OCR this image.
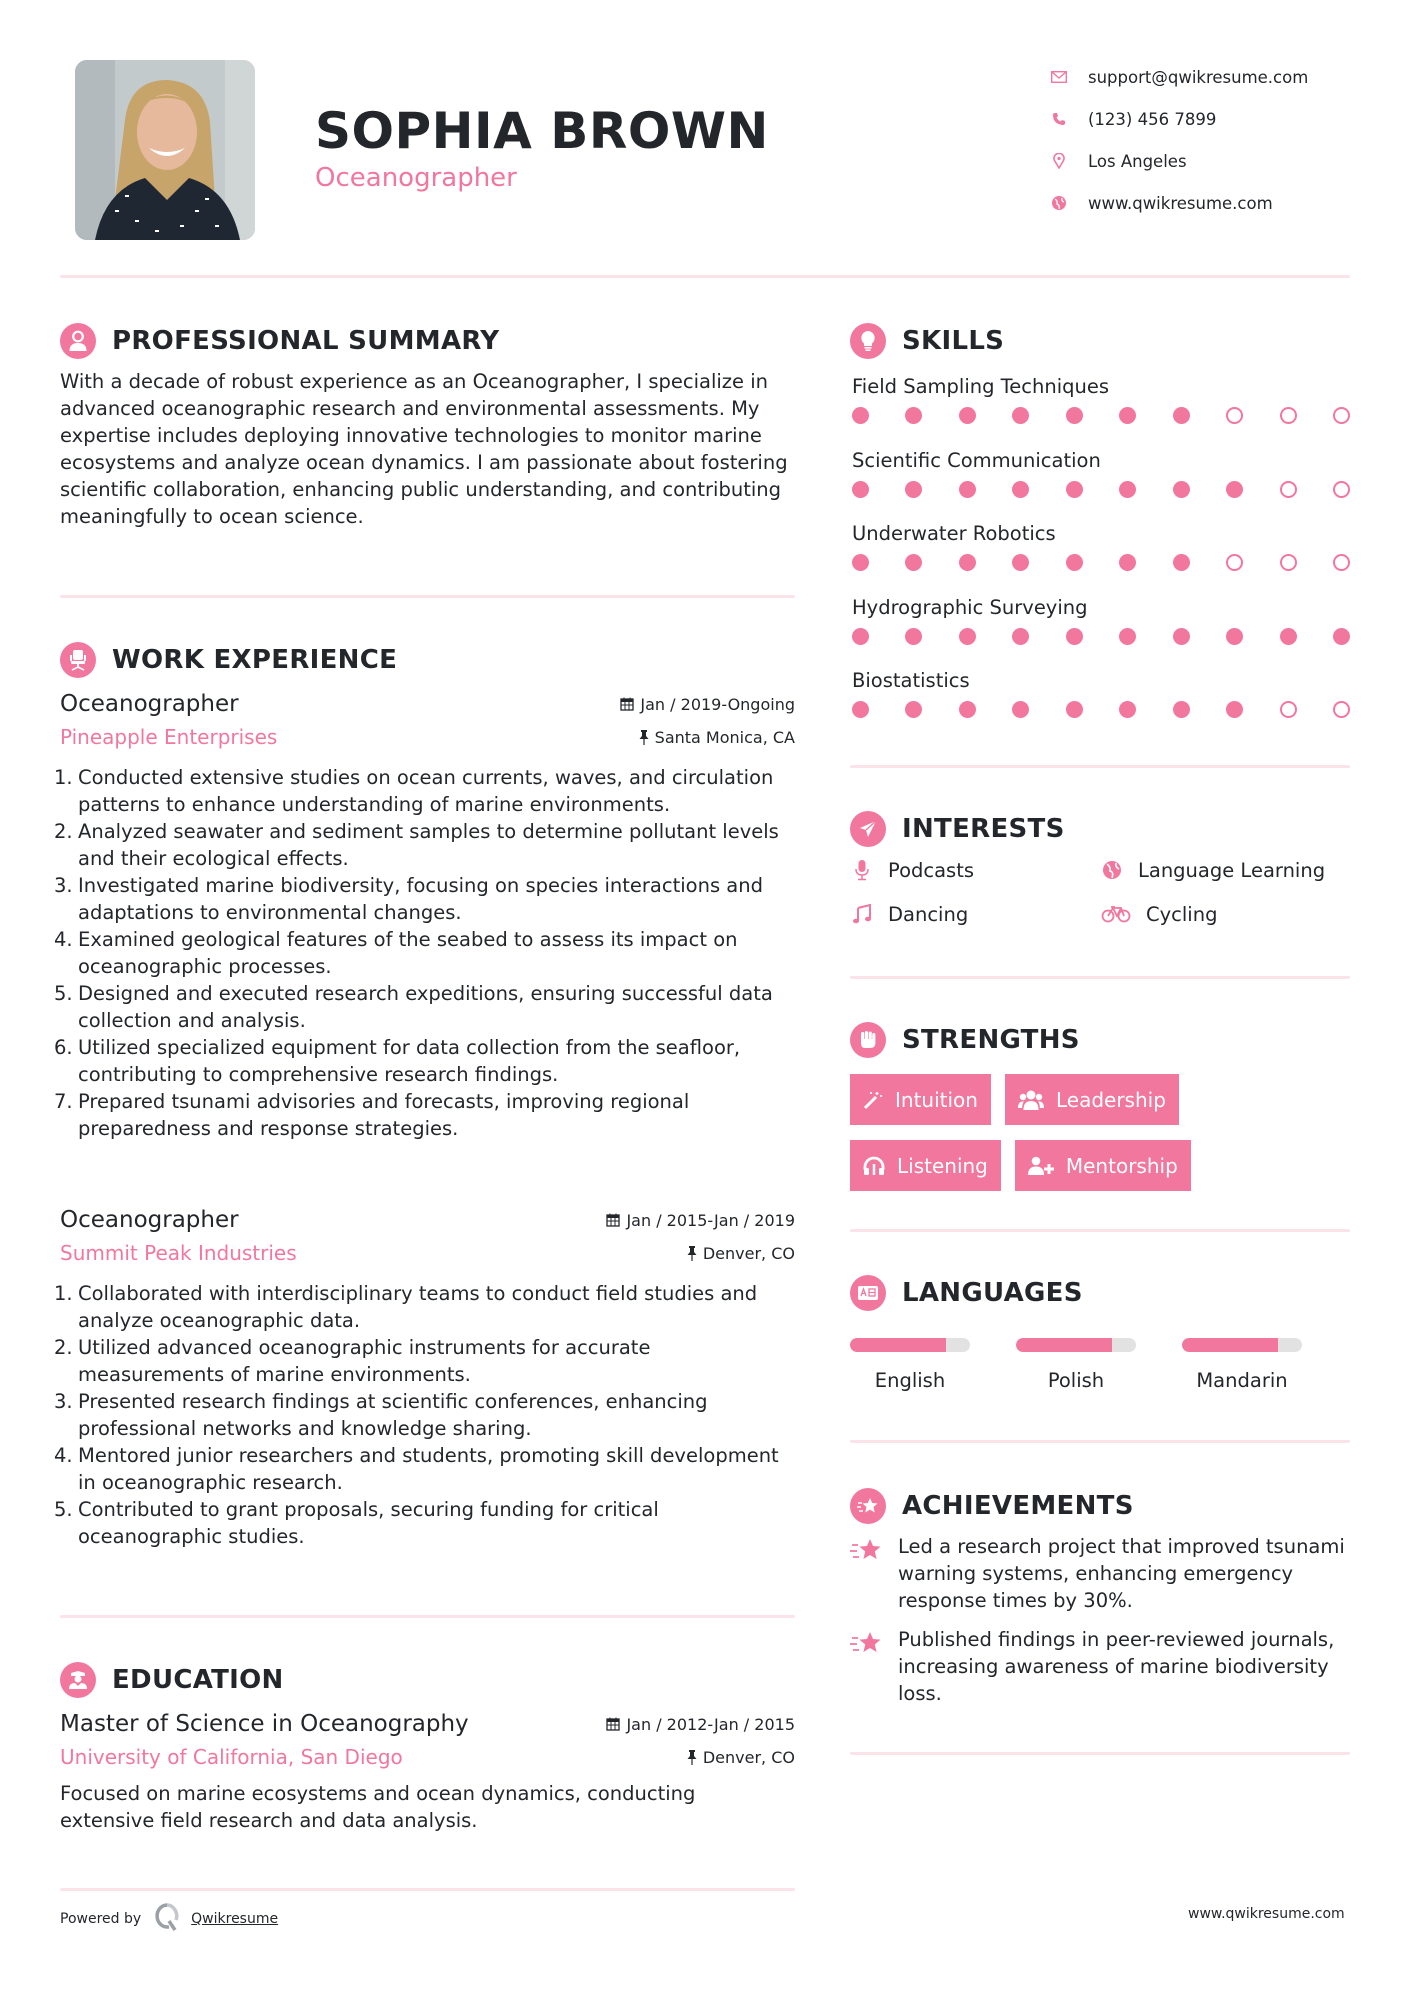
SOPHIA BROWN
Oceanographer
support@qwikresume.com
(123) 456 7899
Los Angeles
www.qwikresume.com
PROFESSIONAL SUMMARY
With a decade of robust experience as an Oceanographer, I specialize in advanced oceanographic research and environmental assessments. My expertise includes deploying innovative technologies to monitor marine ecosystems and analyze ocean dynamics. I am passionate about fostering scientific collaboration, enhancing public understanding, and contributing meaningfully to ocean science.
WORK EXPERIENCE
Oceanographer	Jan / 2019-Ongoing
Pineapple Enterprises	Santa Monica, CA
1. Conducted extensive studies on ocean currents, waves, and circulation patterns to enhance understanding of marine environments.
2. Analyzed seawater and sediment samples to determine pollutant levels and their ecological effects.
3. Investigated marine biodiversity, focusing on species interactions and adaptations to environmental changes.
4. Examined geological features of the seabed to assess its impact on oceanographic processes.
5. Designed and executed research expeditions, ensuring successful data collection and analysis.
6. Utilized specialized equipment for data collection from the seafloor, contributing to comprehensive research findings.
7. Prepared tsunami advisories and forecasts, improving regional preparedness and response strategies.
Oceanographer	Jan / 2015-Jan / 2019
Summit Peak Industries	Denver, CO
1. Collaborated with interdisciplinary teams to conduct field studies and analyze oceanographic data.
2. Utilized advanced oceanographic instruments for accurate measurements of marine environments.
3. Presented research findings at scientific conferences, enhancing professional networks and knowledge sharing.
4. Mentored junior researchers and students, promoting skill development in oceanographic research.
5. Contributed to grant proposals, securing funding for critical oceanographic studies.
EDUCATION
Master of Science in Oceanography	Jan / 2012-Jan / 2015
University of California, San Diego	Denver, CO
Focused on marine ecosystems and ocean dynamics, conducting extensive field research and data analysis.
Powered by	Qwikresume	www.qwikresume.com
SKILLS
Field Sampling Techniques
Scientific Communication
Underwater Robotics
Hydrographic Surveying
Biostatistics
INTERESTS
Podcasts	Language Learning
Dancing	Cycling
STRENGTHS
Intuition	Leadership
Listening	Mentorship
LANGUAGES
English	Polish	Mandarin
ACHIEVEMENTS
Led a research project that improved tsunami warning systems, enhancing emergency response times by 30%.
Published findings in peer-reviewed journals, increasing awareness of marine biodiversity loss.
